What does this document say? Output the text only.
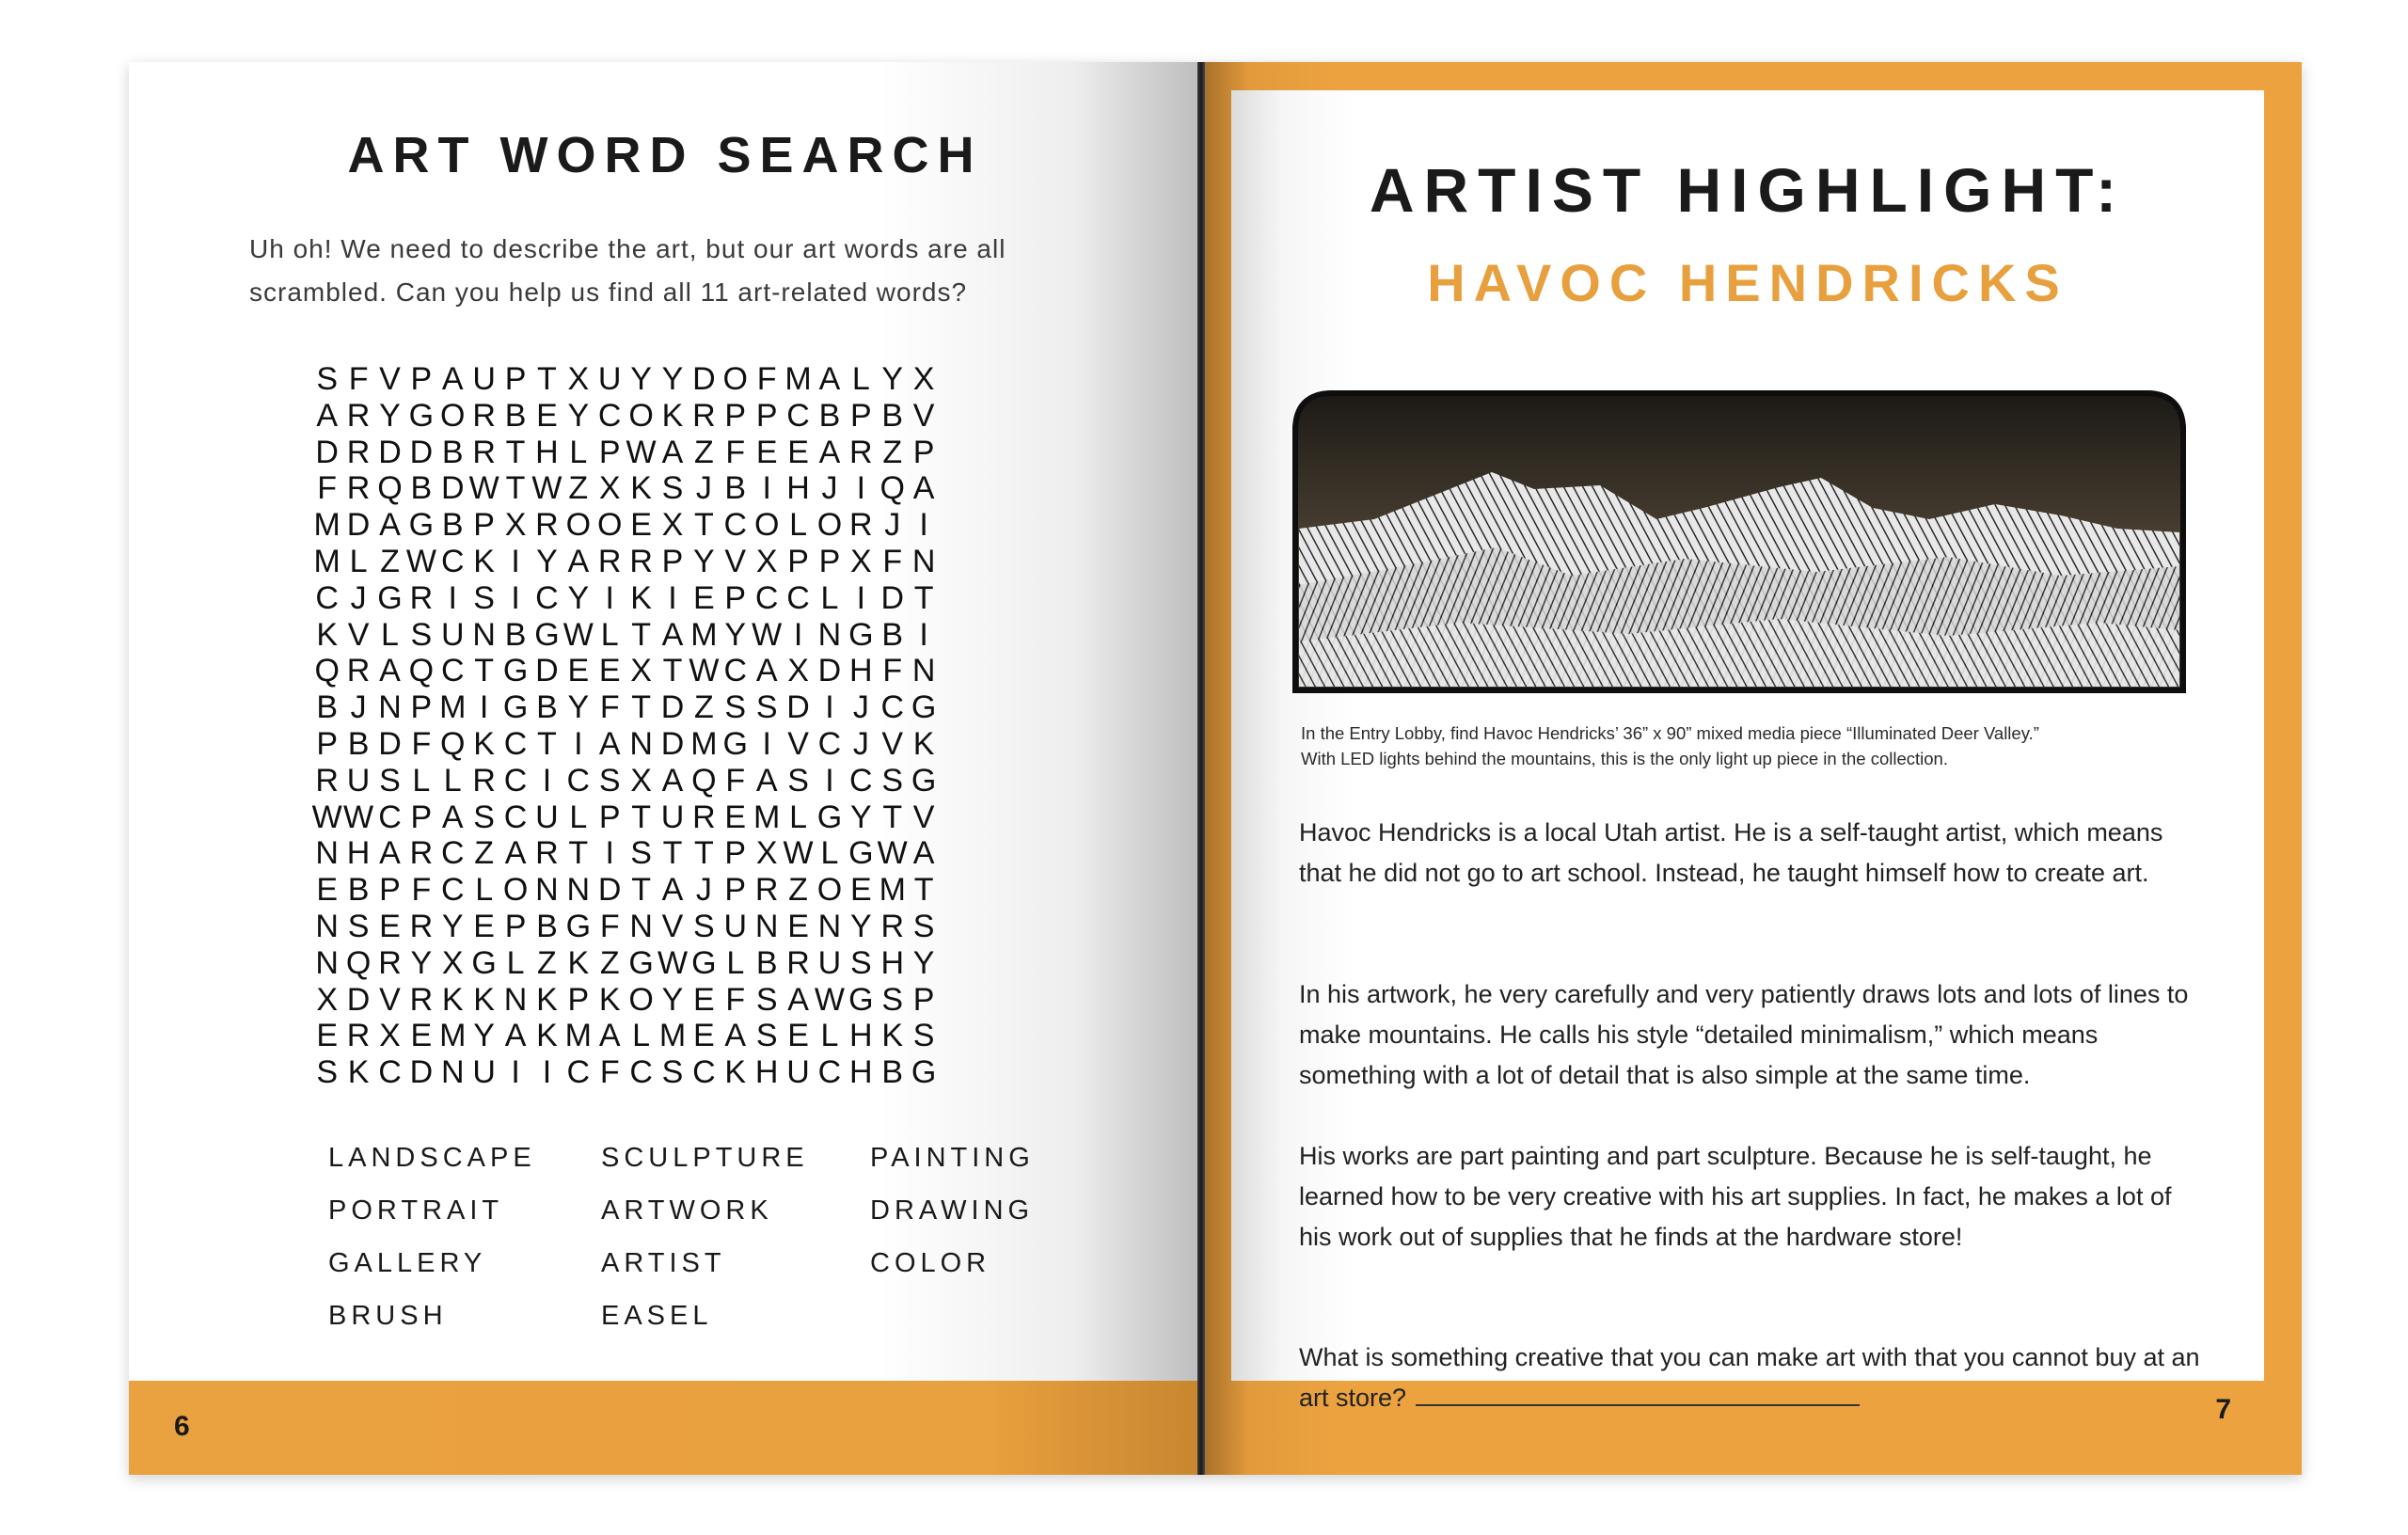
ART WORD SEARCH
Uh oh! We need to describe the art, but our art words are all scrambled. Can you help us find all 11 art-related words?
S F V P A U P T X U Y Y D O F M A L Y X
A R Y G O R B E Y C O K R P P C B P B V
D R D D B R T H L P W A Z F E E A R Z P
F R Q B D W T W Z X K S J B I H J I Q A
M D A G B P X R O O E X T C O L O R J I
M L Z W C K I Y A R R P Y V X P P X F N
C J G R I S I C Y I K I E P C C L I D T
K V L S U N B G W L T A M Y W I N G B I
Q R A Q C T G D E E X T W C A X D H F N
B J N P M I G B Y F T D Z S S D I J C G
P B D F Q K C T I A N D M G I V C J V K
R U S L L R C I C S X A Q F A S I C S G
W W C P A S C U L P T U R E M L G Y T V
N H A R C Z A R T I S T T P X W L G W A
E B P F C L O N N D T A J P R Z O E M T
N S E R Y E P B G F N V S U N E N Y R S
N Q R Y X G L Z K Z G W G L B R U S H Y
X D V R K K N K P K O Y E F S A W G S P
E R X E M Y A K M A L M E A S E L H K S
S K C D N U I I C F C S C K H U C H B G
LANDSCAPE	SCULPTURE	PAINTING
PORTRAIT	ARTWORK	DRAWING
GALLERY	ARTIST	COLOR
BRUSH	EASEL
6
ARTIST HIGHLIGHT:
HAVOC HENDRICKS
In the Entry Lobby, find Havoc Hendricks’ 36” x 90” mixed media piece “Illuminated Deer Valley.”
With LED lights behind the mountains, this is the only light up piece in the collection.
Havoc Hendricks is a local Utah artist. He is a self-taught artist, which means that he did not go to art school. Instead, he taught himself how to create art.
In his artwork, he very carefully and very patiently draws lots and lots of lines to make mountains. He calls his style “detailed minimalism,” which means something with a lot of detail that is also simple at the same time.
His works are part painting and part sculpture. Because he is self-taught, he learned how to be very creative with his art supplies. In fact, he makes a lot of his work out of supplies that he finds at the hardware store!
What is something creative that you can make art with that you cannot buy at an art store?	7
